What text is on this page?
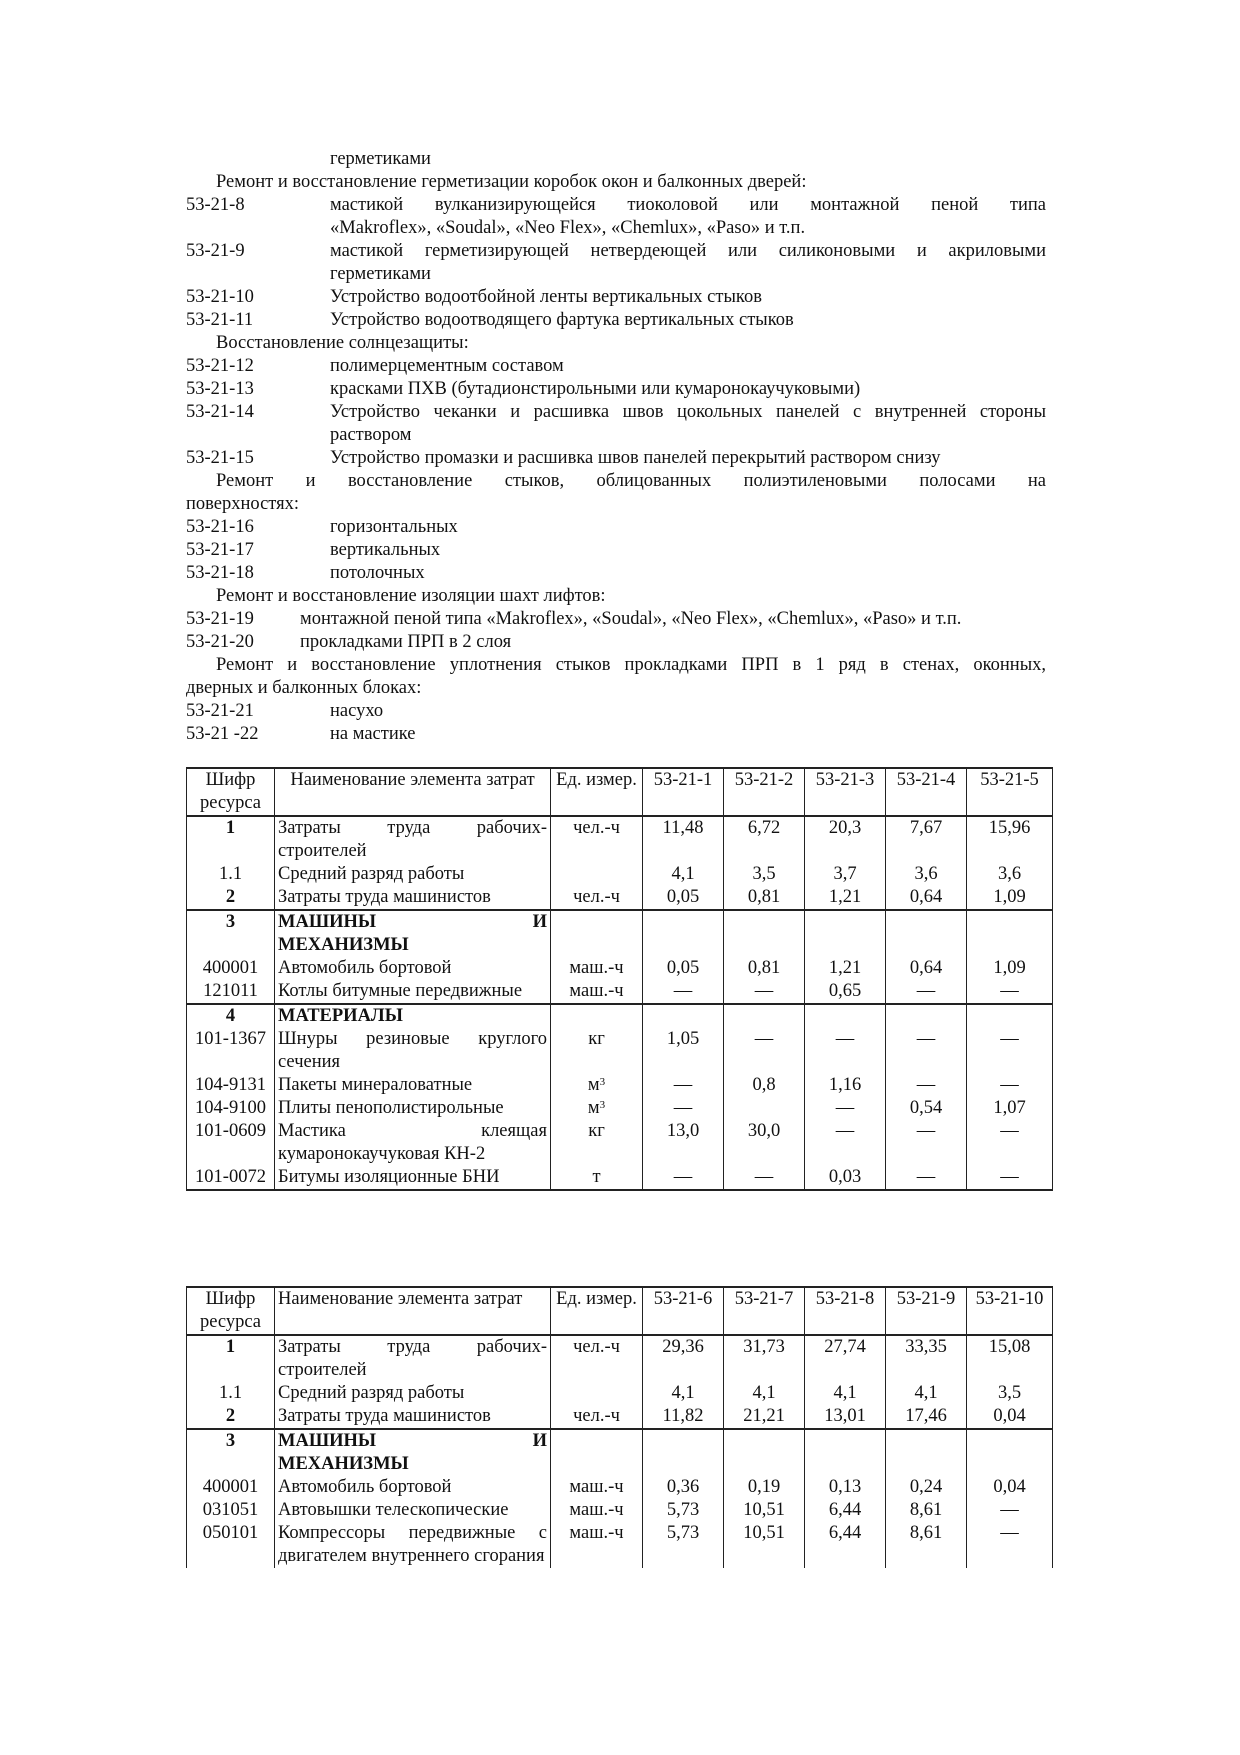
герметиками
Ремонт и восстановление герметизации коробок окон и балконных дверей:
53-21-8	мастикой вулканизирующейся тиоколовой или монтажной пеной типа
«Makroflex», «Soudal», «Neo Flex», «Chemlux», «Paso» и т.п.
53-21-9	мастикой герметизирующей нетвердеющей или силиконовыми и акриловыми
герметиками
53-21-10	Устройство водоотбойной ленты вертикальных стыков
53-21-11	Устройство водоотводящего фартука вертикальных стыков
Восстановление солнцезащиты:
53-21-12	полимерцементным составом
53-21-13	красками ПХВ (бутадионстирольными или кумаронокаучуковыми)
53-21-14	Устройство чеканки и расшивка швов цокольных панелей с внутренней стороны
раствором
53-21-15	Устройство промазки и расшивка швов панелей перекрытий раствором снизу
Ремонт и восстановление стыков, облицованных полиэтиленовыми полосами на
поверхностях:
53-21-16	горизонтальных
53-21-17	вертикальных
53-21-18	потолочных
Ремонт и восстановление изоляции шахт лифтов:
53-21-19 монтажной пеной типа «Makroflex», «Soudal», «Neo Flex», «Chemlux», «Paso» и т.п.
53-21-20 прокладками ПРП в 2 слоя
Ремонт и восстановление уплотнения стыков прокладками ПРП в 1 ряд в стенах, оконных,
дверных и балконных блоках:
53-21-21	насухо
53-21 -22	на мастике
Шифр ресурса	Наименование элемента затрат	Ед. измер.	53-21-1	53-21-2	53-21-3	53-21-4	53-21-5
1	Затраты труда рабочих-строителей	чел.-ч	11,48	6,72	20,3	7,67	15,96
1.1	Средний разряд работы		4,1	3,5	3,7	3,6	3,6
2	Затраты труда машинистов	чел.-ч	0,05	0,81	1,21	0,64	1,09
3	МАШИНЫ И
МЕХАНИЗМЫ						

400001	Автомобиль бортовой	маш.-ч	0,05	0,81	1,21	0,64	1,09
121011	Котлы битумные передвижные	маш.-ч	—	—	0,65	—	—
4	МАТЕРИАЛЫ						
101-1367	Шнуры резиновые круглого сечения	кг	1,05	—	—	—	—
104-9131	Пакеты минераловатные	$м^3$	—	0,8	1,16	—	—
104-9100	Плиты пенополистирольные	$м^3$	—		—	0,54	1,07
101-0609	Мастика клеящая кумаронокаучуковая КН-2	кг	13,0	30,0	—	—	—
101-0072	Битумы изоляционные БНИ	т	—	—	0,03	—	—
Шифр ресурса	Наименование элемента затрат	Ед. измер.	53-21-6	53-21-7	53-21-8	53-21-9	53-21-10
1	Затраты труда рабочих-строителей	чел.-ч	29,36	31,73	27,74	33,35	15,08
1.1	Средний разряд работы		4,1	4,1	4,1	4,1	3,5
2	Затраты труда машинистов	чел.-ч	11,82	21,21	13,01	17,46	0,04
3	МАШИНЫ И
МЕХАНИЗМЫ						

400001	Автомобиль бортовой	маш.-ч	0,36	0,19	0,13	0,24	0,04
031051	Автовышки телескопические	маш.-ч	5,73	10,51	6,44	8,61	—
050101	Компрессоры передвижные с двигателем внутреннего сгорания	маш.-ч	5,73	10,51	6,44	8,61	—
